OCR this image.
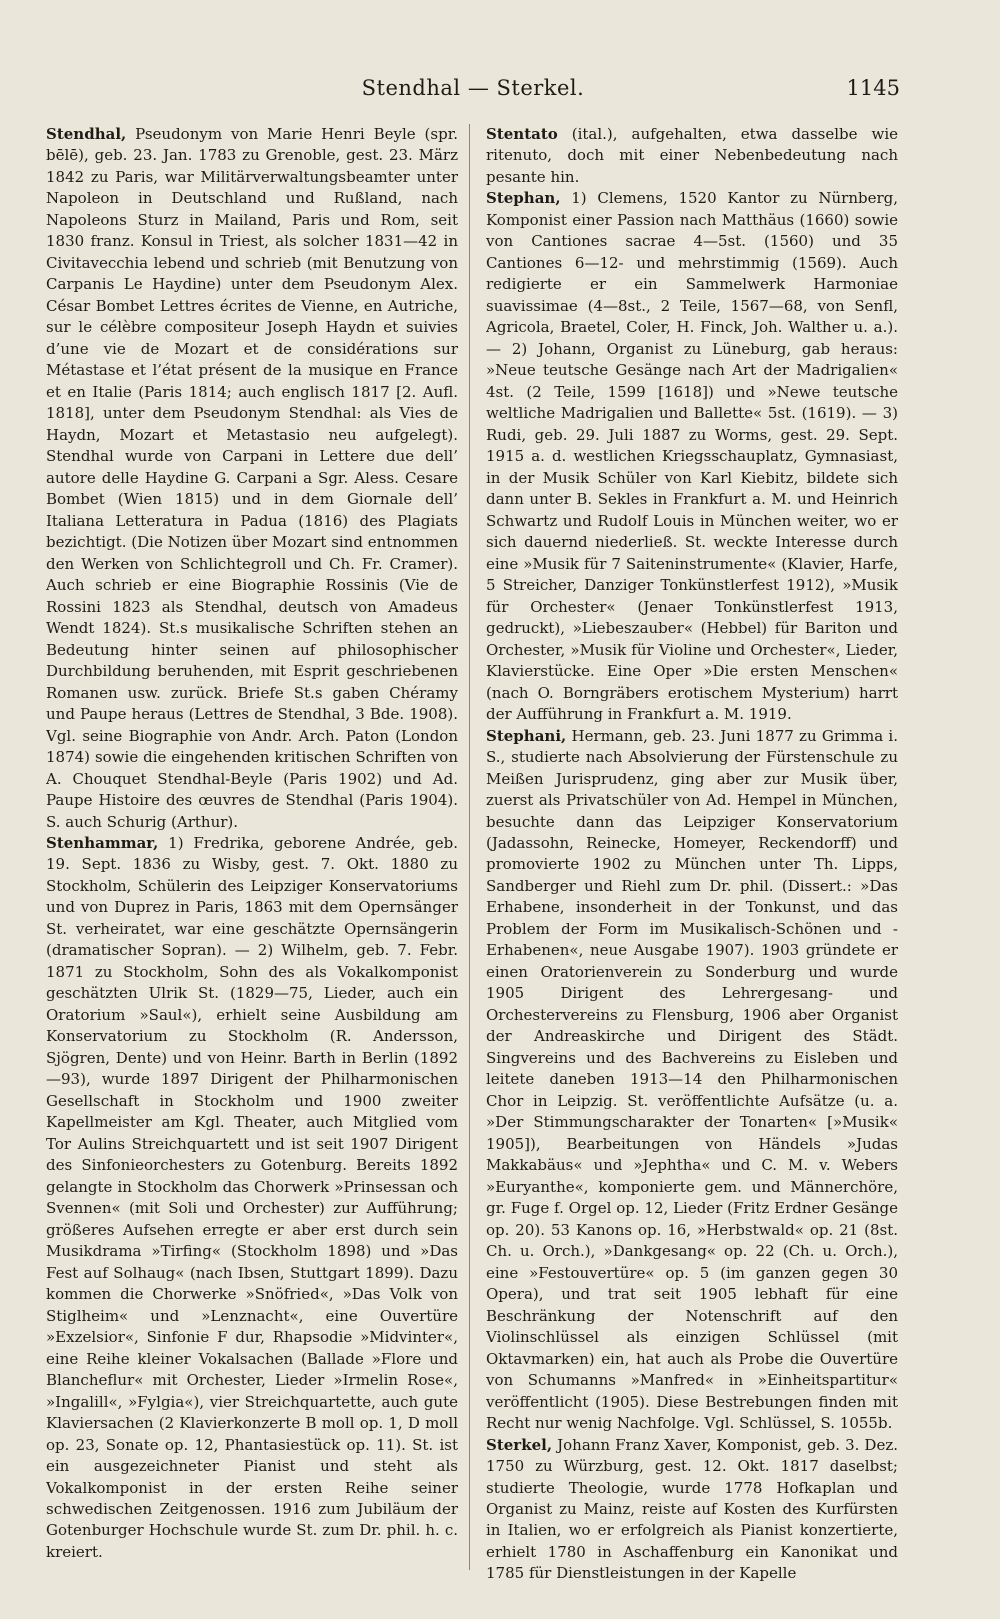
Stendhal — Sterkel.	1145

Stendhal, Pseudonym von Marie Henri Beyle (spr. bēlē), geb. 23. Jan. 1783 zu Grenoble, gest. 23. März 1842 zu Paris, war Militärverwaltungsbeamter unter Napoleon in Deutschland und Rußland, nach Napoleons Sturz in Mailand, Paris und Rom, seit 1830 franz. Konsul in Triest, als solcher 1831—42 in Civitavecchia lebend und schrieb (mit Benutzung von Carpanis Le Haydine) unter dem Pseudonym Alex. César Bombet Lettres écrites de Vienne, en Autriche, sur le célèbre compositeur Joseph Haydn et suivies d’une vie de Mozart et de considérations sur Métastase et l’état présent de la musique en France et en Italie (Paris 1814; auch englisch 1817 [2. Aufl. 1818], unter dem Pseudonym Stendhal: als Vies de Haydn, Mozart et Metastasio neu aufgelegt). Stendhal wurde von Carpani in Lettere due dell’ autore delle Haydine G. Carpani a Sgr. Aless. Cesare Bombet (Wien 1815) und in dem Giornale dell’ Italiana Letteratura in Padua (1816) des Plagiats bezichtigt. (Die Notizen über Mozart sind entnommen den Werken von Schlichtegroll und Ch. Fr. Cramer). Auch schrieb er eine Biographie Rossinis (Vie de Rossini 1823 als Stendhal, deutsch von Amadeus Wendt 1824). St.s musikalische Schriften stehen an Bedeutung hinter seinen auf philosophischer Durchbildung beruhenden, mit Esprit geschriebenen Romanen usw. zurück. Briefe St.s gaben Chéramy und Paupe heraus (Lettres de Stendhal, 3 Bde. 1908). Vgl. seine Biographie von Andr. Arch. Paton (London 1874) sowie die eingehenden kritischen Schriften von A. Chouquet Stendhal-Beyle (Paris 1902) und Ad. Paupe Histoire des œuvres de Stendhal (Paris 1904). S. auch Schurig (Arthur).

Stenhammar, 1) Fredrika, geborene Andrée, geb. 19. Sept. 1836 zu Wisby, gest. 7. Okt. 1880 zu Stockholm, Schülerin des Leipziger Konservatoriums und von Duprez in Paris, 1863 mit dem Opernsänger St. verheiratet, war eine geschätzte Opernsängerin (dramatischer Sopran). — 2) Wilhelm, geb. 7. Febr. 1871 zu Stockholm, Sohn des als Vokalkomponist geschätzten Ulrik St. (1829—75, Lieder, auch ein Oratorium »Saul«), erhielt seine Ausbildung am Konservatorium zu Stockholm (R. Andersson, Sjögren, Dente) und von Heinr. Barth in Berlin (1892—93), wurde 1897 Dirigent der Philharmonischen Gesellschaft in Stockholm und 1900 zweiter Kapellmeister am Kgl. Theater, auch Mitglied vom Tor Aulins Streichquartett und ist seit 1907 Dirigent des Sinfonieorchesters zu Gotenburg. Bereits 1892 gelangte in Stockholm das Chorwerk »Prinsessan och Svennen« (mit Soli und Orchester) zur Aufführung; größeres Aufsehen erregte er aber erst durch sein Musikdrama »Tirfing« (Stockholm 1898) und »Das Fest auf Solhaug« (nach Ibsen, Stuttgart 1899). Dazu kommen die Chorwerke »Snöfried«, »Das Volk von Stiglheim« und »Lenznacht«, eine Ouvertüre »Exzelsior«, Sinfonie F dur, Rhapsodie »Midvinter«, eine Reihe kleiner Vokalsachen (Ballade »Flore und Blancheflur« mit Orchester, Lieder »Irmelin Rose«, »Ingalill«, »Fylgia«), vier Streichquartette, auch gute Klaviersachen (2 Klavierkonzerte B moll op. 1, D moll op. 23, Sonate op. 12, Phantasiestück op. 11). St. ist ein ausgezeichneter Pianist und steht als Vokalkomponist in der ersten Reihe seiner schwedischen Zeitgenossen. 1916 zum Jubiläum der Gotenburger Hochschule wurde St. zum Dr. phil. h. c. kreiert.

Stentato (ital.), aufgehalten, etwa dasselbe wie ritenuto, doch mit einer Nebenbedeutung nach pesante hin.

Stephan, 1) Clemens, 1520 Kantor zu Nürnberg, Komponist einer Passion nach Matthäus (1660) sowie von Cantiones sacrae 4—5st. (1560) und 35 Cantiones 6—12- und mehrstimmig (1569). Auch redigierte er ein Sammelwerk Harmoniae suavissimae (4—8st., 2 Teile, 1567—68, von Senfl, Agricola, Braetel, Coler, H. Finck, Joh. Walther u. a.). — 2) Johann, Organist zu Lüneburg, gab heraus: »Neue teutsche Gesänge nach Art der Madrigalien« 4st. (2 Teile, 1599 [1618]) und »Newe teutsche weltliche Madrigalien und Ballette« 5st. (1619). — 3) Rudi, geb. 29. Juli 1887 zu Worms, gest. 29. Sept. 1915 a. d. westlichen Kriegsschauplatz, Gymnasiast, in der Musik Schüler von Karl Kiebitz, bildete sich dann unter B. Sekles in Frankfurt a. M. und Heinrich Schwartz und Rudolf Louis in München weiter, wo er sich dauernd niederließ. St. weckte Interesse durch eine »Musik für 7 Saiteninstrumente« (Klavier, Harfe, 5 Streicher, Danziger Tonkünstlerfest 1912), »Musik für Orchester« (Jenaer Tonkünstlerfest 1913, gedruckt), »Liebeszauber« (Hebbel) für Bariton und Orchester, »Musik für Violine und Orchester«, Lieder, Klavierstücke. Eine Oper »Die ersten Menschen« (nach O. Borngräbers erotischem Mysterium) harrt der Aufführung in Frankfurt a. M. 1919.

Stephani, Hermann, geb. 23. Juni 1877 zu Grimma i. S., studierte nach Absolvierung der Fürstenschule zu Meißen Jurisprudenz, ging aber zur Musik über, zuerst als Privatschüler von Ad. Hempel in München, besuchte dann das Leipziger Konservatorium (Jadassohn, Reinecke, Homeyer, Reckendorff) und promovierte 1902 zu München unter Th. Lipps, Sandberger und Riehl zum Dr. phil. (Dissert.: »Das Erhabene, insonderheit in der Tonkunst, und das Problem der Form im Musikalisch-Schönen und -Erhabenen«, neue Ausgabe 1907). 1903 gründete er einen Oratorienverein zu Sonderburg und wurde 1905 Dirigent des Lehrergesang- und Orchestervereins zu Flensburg, 1906 aber Organist der Andreaskirche und Dirigent des Städt. Singvereins und des Bachvereins zu Eisleben und leitete daneben 1913—14 den Philharmonischen Chor in Leipzig. St. veröffentlichte Aufsätze (u. a. »Der Stimmungscharakter der Tonarten« [»Musik« 1905]), Bearbeitungen von Händels »Judas Makkabäus« und »Jephtha« und C. M. v. Webers »Euryanthe«, komponierte gem. und Männerchöre, gr. Fuge f. Orgel op. 12, Lieder (Fritz Erdner Gesänge op. 20). 53 Kanons op. 16, »Herbstwald« op. 21 (8st. Ch. u. Orch.), »Dankgesang« op. 22 (Ch. u. Orch.), eine »Festouvertüre« op. 5 (im ganzen gegen 30 Opera), und trat seit 1905 lebhaft für eine Beschränkung der Notenschrift auf den Violinschlüssel als einzigen Schlüssel (mit Oktavmarken) ein, hat auch als Probe die Ouvertüre von Schumanns »Manfred« in »Einheitspartitur« veröffentlicht (1905). Diese Bestrebungen finden mit Recht nur wenig Nachfolge. Vgl. Schlüssel, S. 1055b.

Sterkel, Johann Franz Xaver, Komponist, geb. 3. Dez. 1750 zu Würzburg, gest. 12. Okt. 1817 daselbst; studierte Theologie, wurde 1778 Hofkaplan und Organist zu Mainz, reiste auf Kosten des Kurfürsten in Italien, wo er erfolgreich als Pianist konzertierte, erhielt 1780 in Aschaffenburg ein Kanonikat und 1785 für Dienstleistungen in der Kapelle
